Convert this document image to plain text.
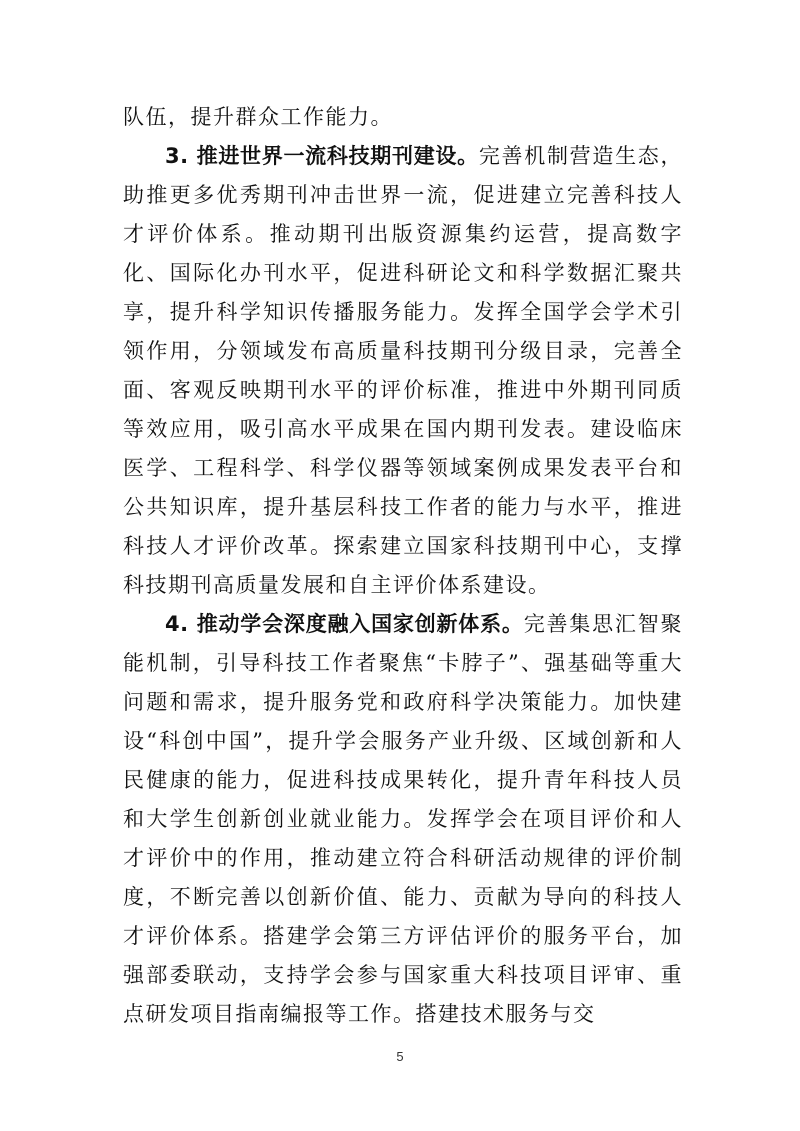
队伍，提升群众工作能力。

3. 推进世界一流科技期刊建设。完善机制营造生态，助推更多优秀期刊冲击世界一流，促进建立完善科技人才评价体系。推动期刊出版资源集约运营，提高数字化、国际化办刊水平，促进科研论文和科学数据汇聚共享，提升科学知识传播服务能力。发挥全国学会学术引领作用，分领域发布高质量科技期刊分级目录，完善全面、客观反映期刊水平的评价标准，推进中外期刊同质等效应用，吸引高水平成果在国内期刊发表。建设临床医学、工程科学、科学仪器等领域案例成果发表平台和公共知识库，提升基层科技工作者的能力与水平，推进科技人才评价改革。探索建立国家科技期刊中心，支撑科技期刊高质量发展和自主评价体系建设。

4. 推动学会深度融入国家创新体系。完善集思汇智聚能机制，引导科技工作者聚焦“卡脖子”、强基础等重大问题和需求，提升服务党和政府科学决策能力。加快建设“科创中国”，提升学会服务产业升级、区域创新和人民健康的能力，促进科技成果转化，提升青年科技人员和大学生创新创业就业能力。发挥学会在项目评价和人才评价中的作用，推动建立符合科研活动规律的评价制度，不断完善以创新价值、能力、贡献为导向的科技人才评价体系。搭建学会第三方评估评价的服务平台，加强部委联动，支持学会参与国家重大科技项目评审、重点研发项目指南编报等工作。搭建技术服务与交

5
